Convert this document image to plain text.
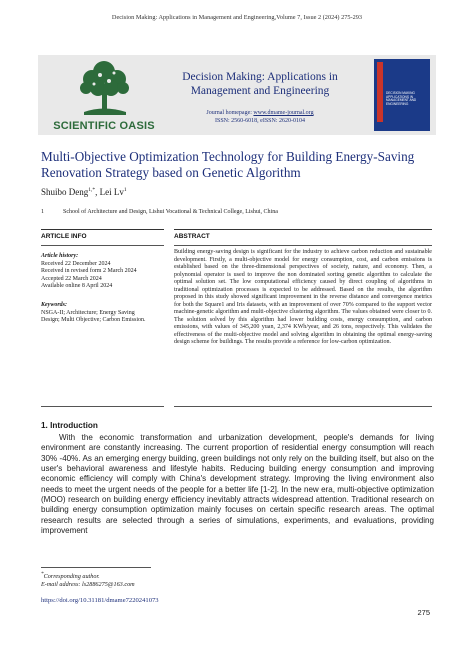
Decision Making: Applications in Management and Engineering,Volume 7, Issue 2 (2024) 275-293
SCIENTIFIC OASIS
Decision Making: Applications in
Management and Engineering
Journal homepage: www.dmame-journal.org
ISSN: 2560-6018, eISSN: 2620-0104
DECISION MAKING
APPLICATIONS IN
MANAGEMENT AND
ENGINEERING
Multi-Objective Optimization Technology for Building Energy-Saving
Renovation Strategy based on Genetic Algorithm
Shuibo Deng$^{1,*}$, Lei Lv$^1$
1	School of Architecture and Design, Lishui Vocational & Technical College, Lishui, China
ARTICLE INFO	ABSTRACT
Article history:
Received 22 December 2024
Received in revised form 2 March 2024
Accepted 22 March 2024
Available online 8 April 2024
Keywords:
NSGA-II; Architecture; Energy Saving
Design; Multi Objective; Carbon Emission.
Building energy-saving design is significant for the industry to achieve carbon reduction and sustainable development. Firstly, a multi-objective model for energy consumption, cost, and carbon emissions is established based on the three-dimensional perspectives of society, nature, and economy. Then, a polynomial operator is used to improve the non dominated sorting genetic algorithm to calculate the optimal solution set. The low computational efficiency caused by direct coupling of algorithms in traditional optimization processes is expected to be addressed. Based on the results, the algorithm proposed in this study showed significant improvement in the reverse distance and convergence metrics for both the Square1 and Iris datasets, with an improvement of over 70% compared to the support vector machine-genetic algorithm and multi-objective clustering algorithm. The values obtained were closer to 0. The solution solved by this algorithm had lower building costs, energy consumption, and carbon emissions, with values of 345,200 yuan, 2,374 KWh/year, and 26 tons, respectively. This validates the effectiveness of the multi-objective model and solving algorithm in obtaining the optimal energy-saving design scheme for buildings. The results provide a reference for low-carbon optimization.
1. Introduction

With the economic transformation and urbanization development, people's demands for living environment are constantly increasing. The current proportion of residential energy consumption will reach 30% -40%. As an emerging energy building, green buildings not only rely on the building itself, but also on the user's behavioral awareness and lifestyle habits. Reducing building energy consumption and improving economic efficiency will comply with China's development strategy. Improving the living environment also needs to meet the urgent needs of the people for a better life [1-2]. In the new era, multi-objective optimization (MOO) research on building energy efficiency inevitably attracts widespread attention. Traditional research on building energy consumption optimization mainly focuses on certain specific research areas. The optimal research results are selected through a series of simulations, experiments, and evaluations, providing improvement

*Corresponding author.
E-mail address: ls2886275@163.com
https://doi.org/10.31181/dmame7220241073
275
